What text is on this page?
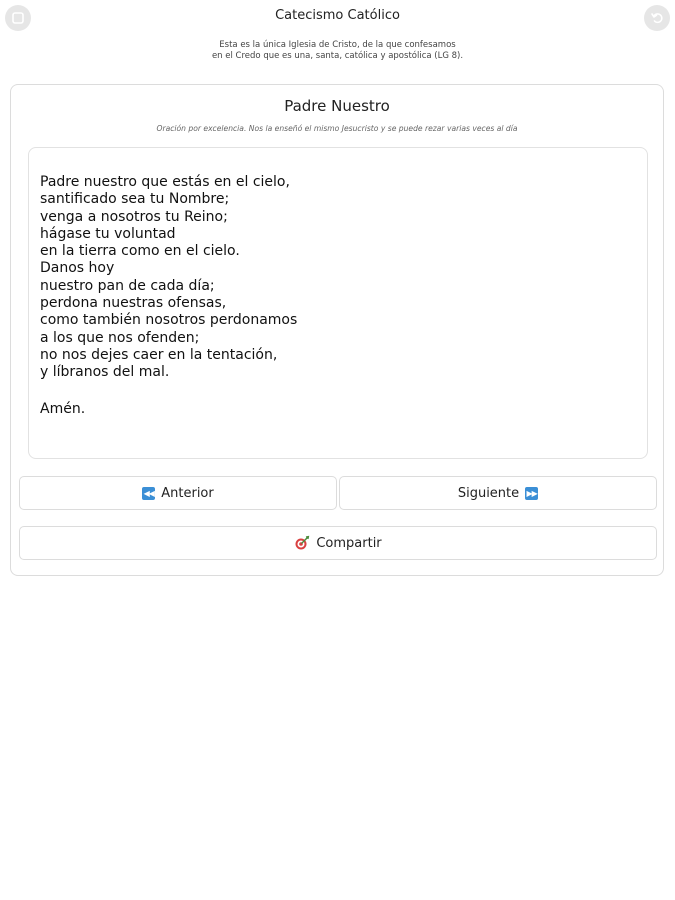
Catecismo Católico
Esta es la única Iglesia de Cristo, de la que confesamos
en el Credo que es una, santa, católica y apostólica (LG 8).
Padre Nuestro
Oración por excelencia. Nos la enseñó el mismo Jesucristo y se puede rezar varias veces al día
Padre nuestro que estás en el cielo,
santificado sea tu Nombre;
venga a nosotros tu Reino;
hágase tu voluntad
en la tierra como en el cielo.
Danos hoy
nuestro pan de cada día;
perdona nuestras ofensas,
como también nosotros perdonamos
a los que nos ofenden;
no nos dejes caer en la tentación,
y líbranos del mal.
Amén.
◀◀ Anterior	Siguiente ▶▶
Compartir
